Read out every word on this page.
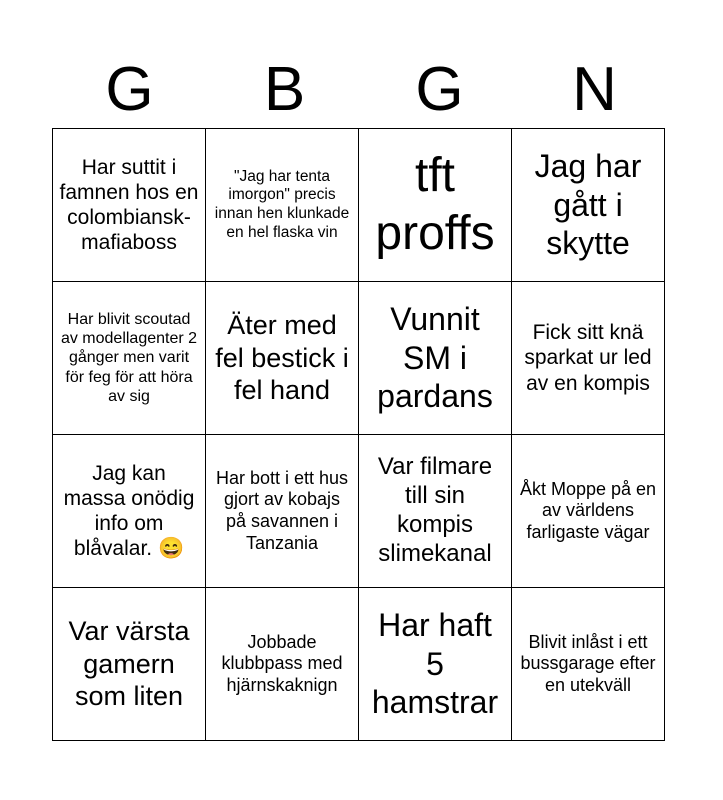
G	B	G	N
Har suttit i famnen hos en colombiansk-mafiaboss	"Jag har tenta imorgon" precis innan hen klunkade en hel flaska vin	tft proffs	Jag har gått i skytte
Har blivit scoutad av modellagenter 2 gånger men varit för feg för att höra av sig	Äter med fel bestick i fel hand	Vunnit SM i pardans	Fick sitt knä sparkat ur led av en kompis
Jag kan massa onödig info om blåvalar. 😄	Har bott i ett hus gjort av kobajs på savannen i Tanzania	Var filmare till sin kompis slimekanal	Åkt Moppe på en av världens farligaste vägar
Var värsta gamern som liten	Jobbade klubbpass med hjärnskaknign	Har haft 5 hamstrar	Blivit inlåst i ett bussgarage efter en utekväll
